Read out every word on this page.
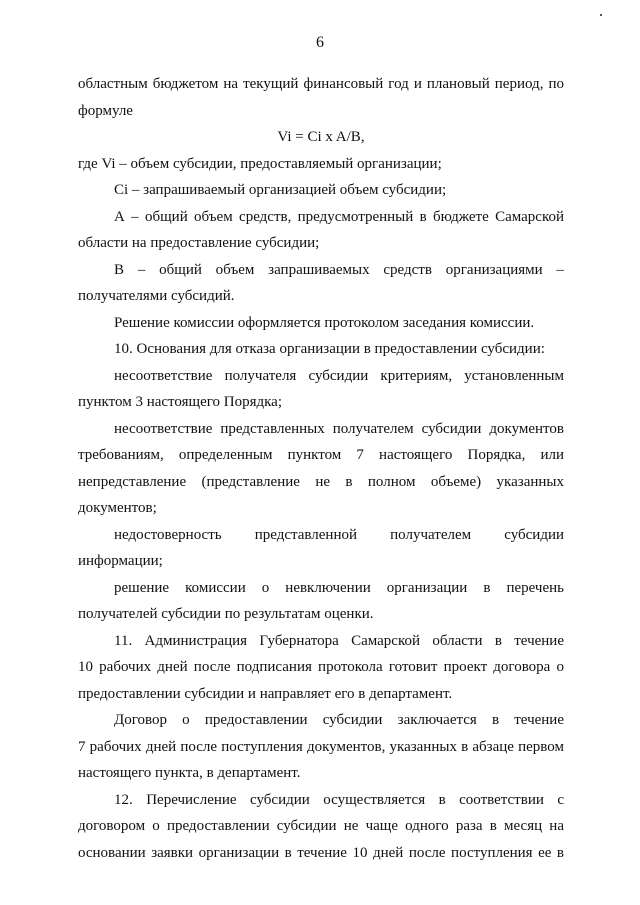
6

областным бюджетом на текущий финансовый год и плановый период, по

формуле

Vi = Ci x A/B,

где Vi – объем субсидии, предоставляемый организации;

Ci – запрашиваемый организацией объем субсидии;

А – общий объем средств, предусмотренный в бюджете Самарской

области на предоставление субсидии;

В – общий объем запрашиваемых средств организациями –

получателями субсидий.

Решение комиссии оформляется протоколом заседания комиссии.

10. Основания для отказа организации в предоставлении субсидии:

несоответствие получателя субсидии критериям, установленным

пунктом 3 настоящего Порядка;

несоответствие представленных получателем субсидии документов

требованиям, определенным пунктом 7 настоящего Порядка, или

непредставление (представление не в полном объеме) указанных

документов;

недостоверность представленной получателем субсидии

информации;

решение комиссии о невключении организации в перечень

получателей субсидии по результатам оценки.

11. Администрация Губернатора Самарской области в течение

10 рабочих дней после подписания протокола готовит проект договора о

предоставлении субсидии и направляет его в департамент.

Договор о предоставлении субсидии заключается в течение

7 рабочих дней после поступления документов, указанных в абзаце первом

настоящего пункта, в департамент.

12. Перечисление субсидии осуществляется в соответствии с

договором о предоставлении субсидии не чаще одного раза в месяц на

основании заявки организации в течение 10 дней после поступления ее в
